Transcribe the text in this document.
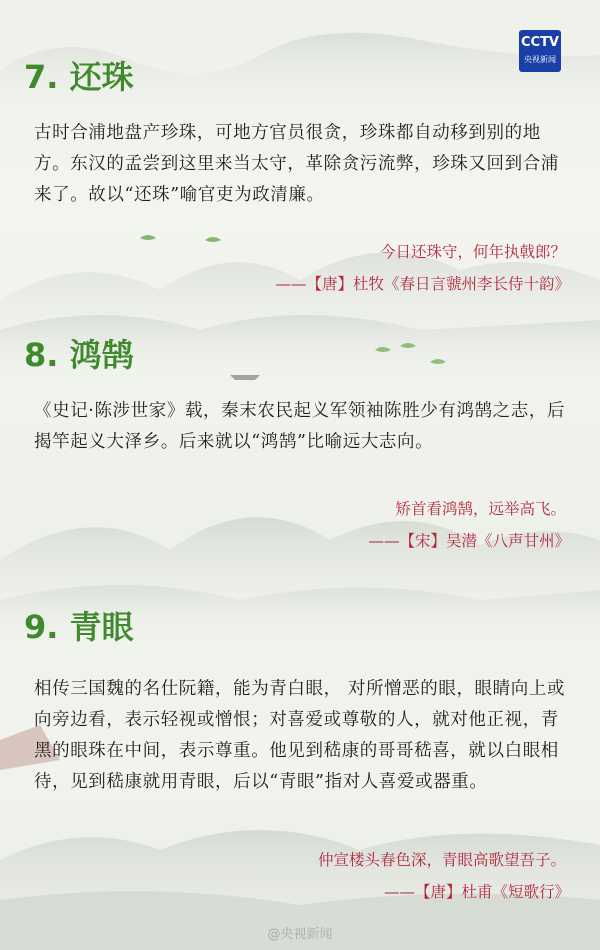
CCTV
央视新闻
7. 还珠
古时合浦地盘产珍珠，可地方官员很贪，珍珠都自动移到别的地方。东汉的孟尝到这里来当太守，革除贪污流弊，珍珠又回到合浦来了。故以“还珠”喻官吏为政清廉。
今日还珠守，何年执戟郎？
——【唐】杜牧《春日言虢州李长侍十韵》
8. 鸿鹄
《史记·陈涉世家》载，秦末农民起义军领袖陈胜少有鸿鹄之志，后揭竿起义大泽乡。后来就以“鸿鹄”比喻远大志向。
矫首看鸿鹄，远举高飞。
——【宋】吴潜《八声甘州》
9. 青眼
相传三国魏的名仕阮籍，能为青白眼， 对所憎恶的眼，眼睛向上或向旁边看，表示轻视或憎恨；对喜爱或尊敬的人，就对他正视，青黑的眼珠在中间，表示尊重。他见到嵇康的哥哥嵇喜，就以白眼相待，见到嵇康就用青眼，后以“青眼”指对人喜爱或器重。
仲宣楼头春色深，青眼高歌望吾子。
——【唐】杜甫《短歌行》
@央视新闻
